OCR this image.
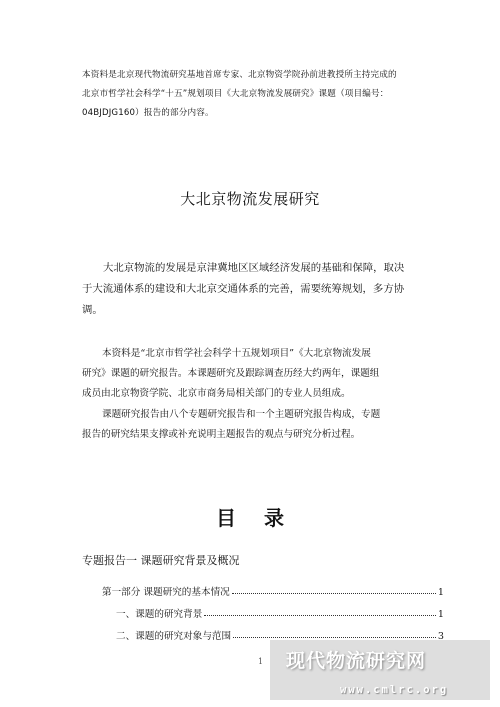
本资料是北京现代物流研究基地首席专家、北京物资学院孙前进教授所主持完成的
北京市哲学社会科学“十五”规划项目《大北京物流发展研究》课题（项目编号：
04BJDJG160）报告的部分内容。
大北京物流发展研究
大北京物流的发展是京津冀地区区域经济发展的基础和保障，取决
于大流通体系的建设和大北京交通体系的完善，需要统筹规划，多方协
调。
本资料是“北京市哲学社会科学十五规划项目”《大北京物流发展
研究》课题的研究报告。本课题研究及跟踪调查历经大约两年，课题组
成员由北京物资学院、北京市商务局相关部门的专业人员组成。
课题研究报告由八个专题研究报告和一个主题研究报告构成，专题
报告的研究结果支撑或补充说明主题报告的观点与研究分析过程。
目录
专题报告一 课题研究背景及概况
第一部分 课题研究的基本情况	1
一、课题的研究背景	1
二、课题的研究对象与范围	3
1 现代物流研究网
www.cmlrc.org
